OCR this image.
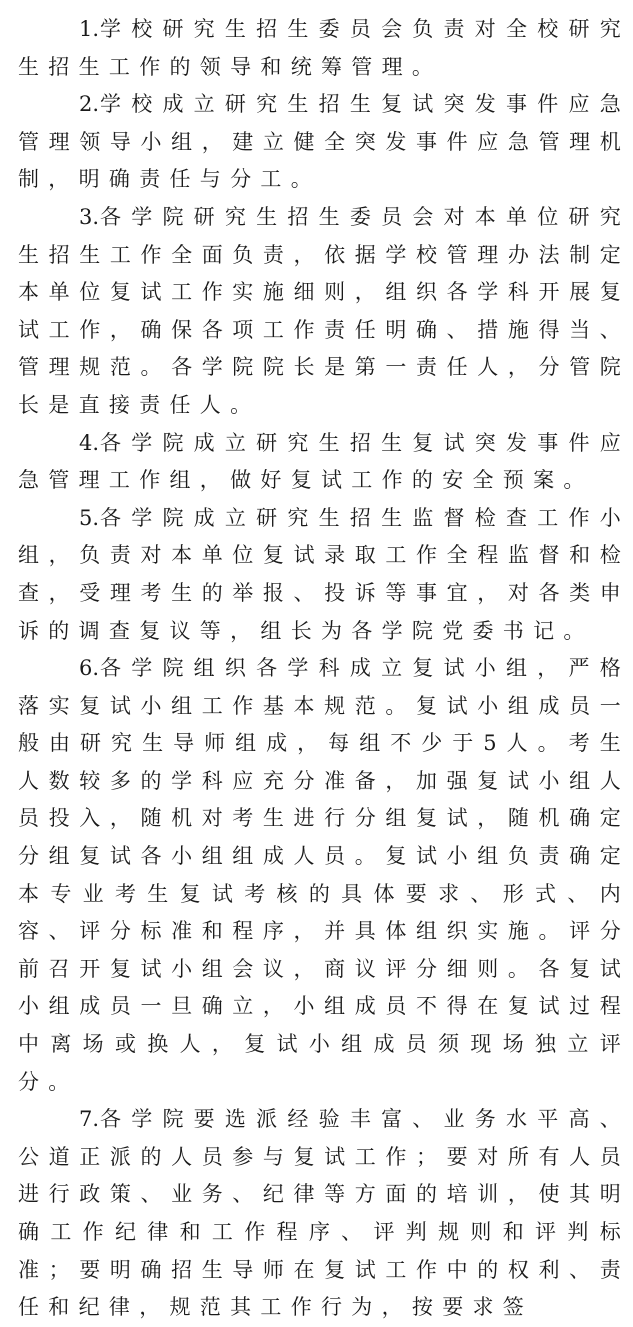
1.学校研究生招生委员会负责对全校研究生招生工作的领导和统筹管理。

2.学校成立研究生招生复试突发事件应急管理领导小组，建立健全突发事件应急管理机制，明确责任与分工。

3.各学院研究生招生委员会对本单位研究生招生工作全面负责，依据学校管理办法制定本单位复试工作实施细则，组织各学科开展复试工作，确保各项工作责任明确、措施得当、管理规范。各学院院长是第一责任人，分管院长是直接责任人。

4.各学院成立研究生招生复试突发事件应急管理工作组，做好复试工作的安全预案。

5.各学院成立研究生招生监督检查工作小组，负责对本单位复试录取工作全程监督和检查，受理考生的举报、投诉等事宜，对各类申诉的调查复议等，组长为各学院党委书记。

6.各学院组织各学科成立复试小组，严格落实复试小组工作基本规范。复试小组成员一般由研究生导师组成，每组不少于5人。考生人数较多的学科应充分准备，加强复试小组人员投入，随机对考生进行分组复试，随机确定分组复试各小组组成人员。复试小组负责确定本专业考生复试考核的具体要求、形式、内容、评分标准和程序，并具体组织实施。评分前召开复试小组会议，商议评分细则。各复试小组成员一旦确立，小组成员不得在复试过程中离场或换人，复试小组成员须现场独立评分。

7.各学院要选派经验丰富、业务水平高、公道正派的人员参与复试工作；要对所有人员进行政策、业务、纪律等方面的培训，使其明确工作纪律和工作程序、评判规则和评判标准；要明确招生导师在复试工作中的权利、责任和纪律，规范其工作行为，按要求签
